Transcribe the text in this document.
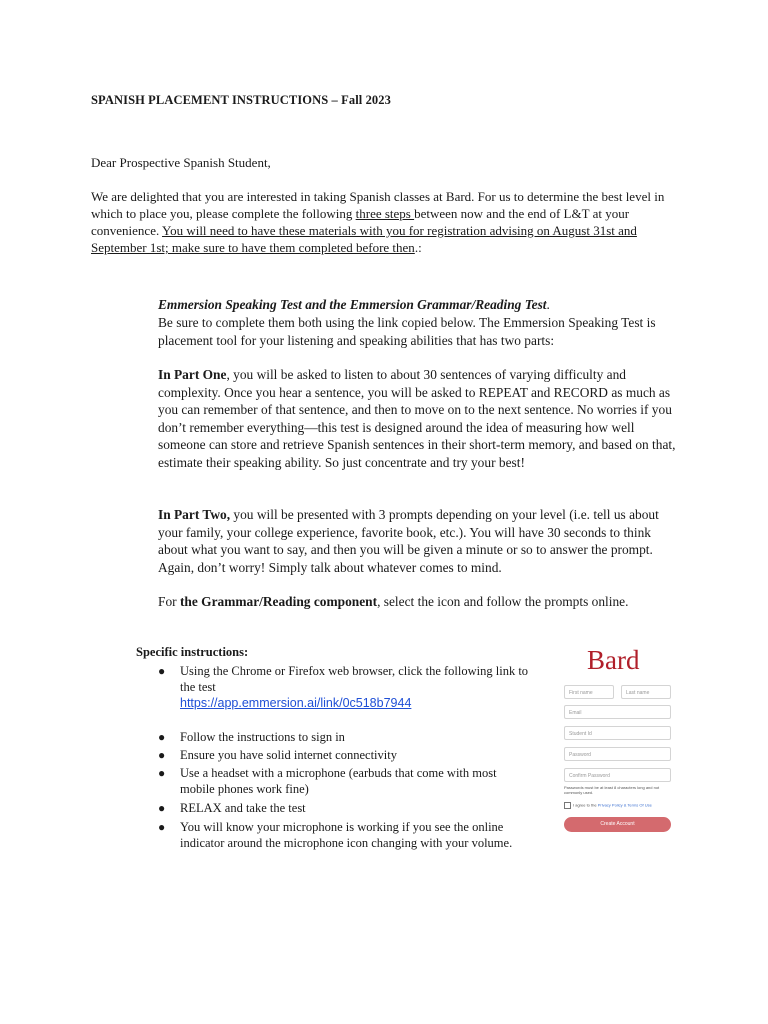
SPANISH PLACEMENT INSTRUCTIONS – Fall 2023
Dear Prospective Spanish Student,
We are delighted that you are interested in taking Spanish classes at Bard. For us to determine the best level in which to place you, please complete the following three steps between now and the end of L&T at your convenience. You will need to have these materials with you for registration advising on August 31st and September 1st; make sure to have them completed before then.:
Emmersion Speaking Test and the Emmersion Grammar/Reading Test.
Be sure to complete them both using the link copied below. The Emmersion Speaking Test is placement tool for your listening and speaking abilities that has two parts:
In Part One, you will be asked to listen to about 30 sentences of varying difficulty and complexity. Once you hear a sentence, you will be asked to REPEAT and RECORD as much as you can remember of that sentence, and then to move on to the next sentence. No worries if you don’t remember everything—this test is designed around the idea of measuring how well someone can store and retrieve Spanish sentences in their short-term memory, and based on that, estimate their speaking ability. So just concentrate and try your best!
In Part Two, you will be presented with 3 prompts depending on your level (i.e. tell us about your family, your college experience, favorite book, etc.). You will have 30 seconds to think about what you want to say, and then you will be given a minute or so to answer the prompt. Again, don’t worry! Simply talk about whatever comes to mind.
For the Grammar/Reading component, select the icon and follow the prompts online.
Specific instructions:
● Using the Chrome or Firefox web browser, click the following link to the test
https://app.emmersion.ai/link/0c518b7944
● Follow the instructions to sign in
● Ensure you have solid internet connectivity
● Use a headset with a microphone (earbuds that come with most mobile phones work fine)
● RELAX and take the test
● You will know your microphone is working if you see the online indicator around the microphone icon changing with your volume.
Bard
First name	Last name
Email
Student Id
Password
Confirm Password
Passwords must be at least 8 characters long and not commonly used.
I agree to the Privacy Policy & Terms Of Use
Create Account
